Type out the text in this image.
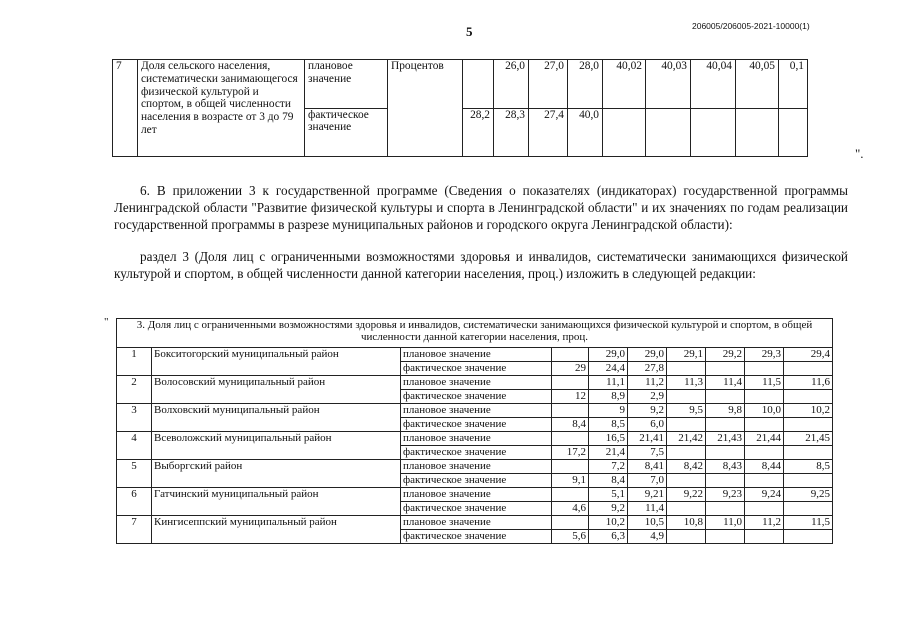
5	206005/206005-2021-10000(1)
7	Доля сельского населения, систематически занимающегося физической культурой и спортом, в общей численности населения в возрасте от 3 до 79 лет	плановое значение	Процентов		26,0	27,0	28,0	40,02	40,03	40,04	40,05	0,1
		фактическое значение		28,2	28,3	27,4	40,0					
".
6. В приложении 3 к государственной программе (Сведения о показателях (индикаторах) государственной программы Ленинградской области "Развитие физической культуры и спорта в Ленинградской области" и их значениях по годам реализации государственной программы в разрезе муниципальных районов и городского округа Ленинградской области):
раздел 3 (Доля лиц с ограниченными возможностями здоровья и инвалидов, систематически занимающихся физической культурой и спортом, в общей численности данной категории населения, проц.) изложить в следующей редакции:
"	3. Доля лиц с ограниченными возможностями здоровья и инвалидов, систематически занимающихся физической культурой и спортом, в общей численности данной категории населения, проц.									
1	Бокситогорский муниципальный район	плановое значение		29,0	29,0	29,1	29,2	29,3	29,4
		фактическое значение	29	24,4	27,8				
2	Волосовский муниципальный район	плановое значение		11,1	11,2	11,3	11,4	11,5	11,6
		фактическое значение	12	8,9	2,9				
3	Волховский муниципальный район	плановое значение		9	9,2	9,5	9,8	10,0	10,2
		фактическое значение	8,4	8,5	6,0				
4	Всеволожский муниципальный район	плановое значение		16,5	21,41	21,42	21,43	21,44	21,45
		фактическое значение	17,2	21,4	7,5				
5	Выборгский район	плановое значение		7,2	8,41	8,42	8,43	8,44	8,5
		фактическое значение	9,1	8,4	7,0				
6	Гатчинский муниципальный район	плановое значение		5,1	9,21	9,22	9,23	9,24	9,25
		фактическое значение	4,6	9,2	11,4				
7	Кингисеппский муниципальный район	плановое значение		10,2	10,5	10,8	11,0	11,2	11,5
		фактическое значение	5,6	6,3	4,9				
